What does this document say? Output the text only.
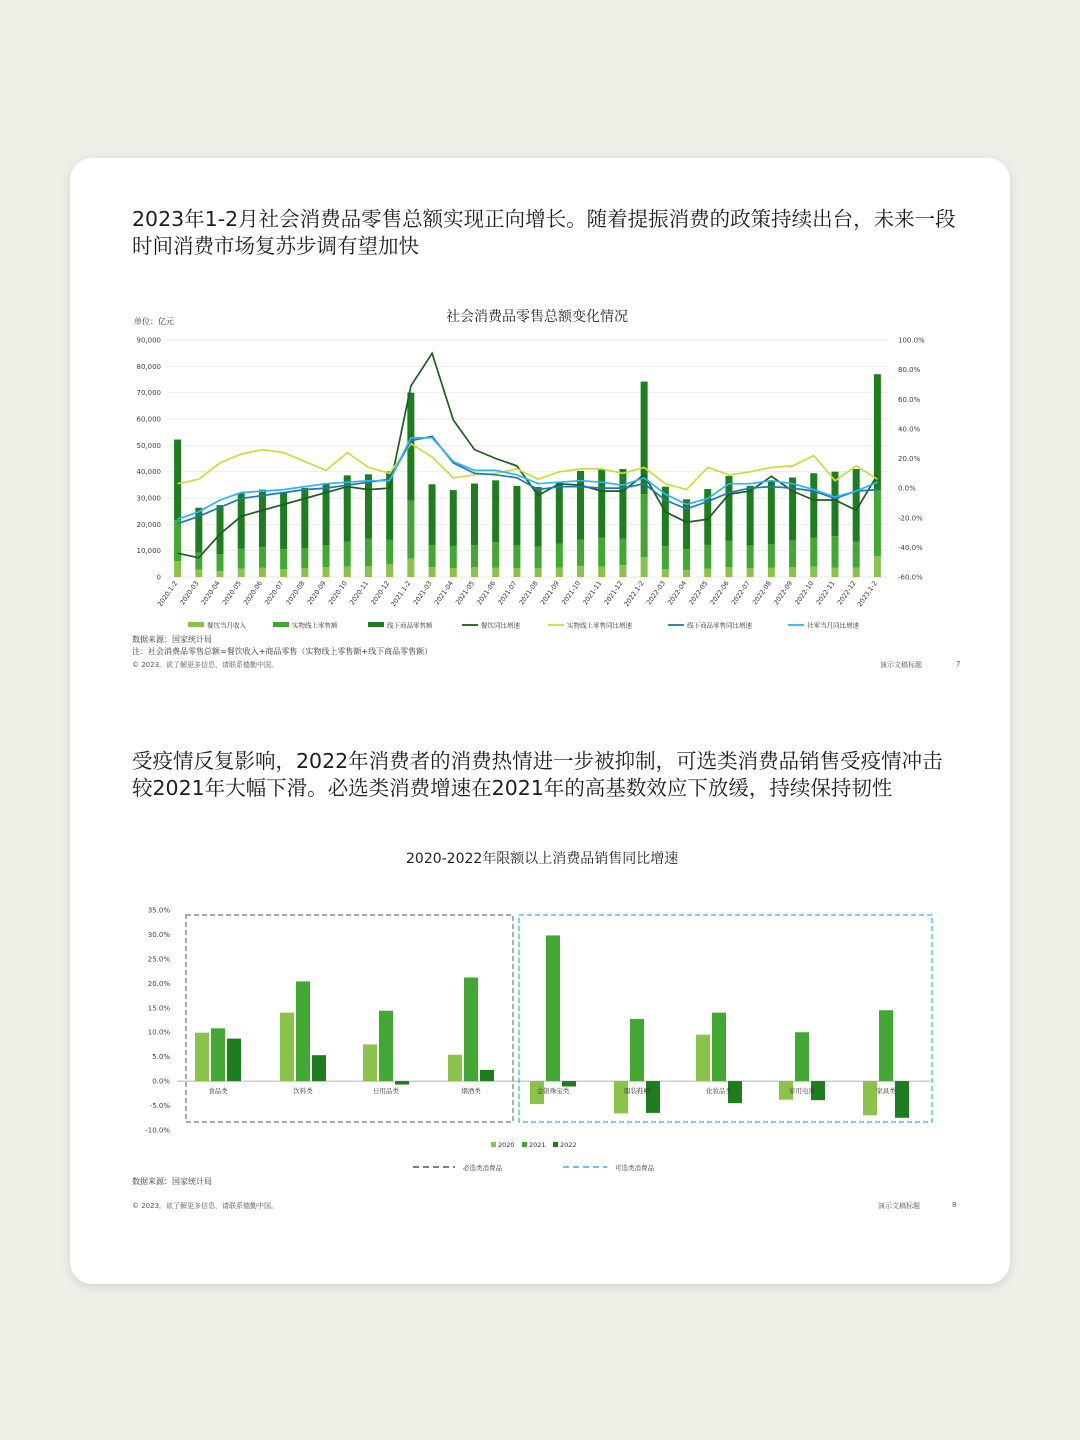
2023年1-2月社会消费品零售总额实现正向增长。随着提振消费的政策持续出台，未来一段时间消费市场复苏步调有望加快
社会消费品零售总额变化情况
单位：亿元
数据来源：国家统计局
注：社会消费品零售总额=餐饮收入+商品零售（实物线上零售额+线下商品零售额）
© 2023。欲了解更多信息，请联系德勤中国。	演示文稿标题	7
受疫情反复影响，2022年消费者的消费热情进一步被抑制，可选类消费品销售受疫情冲击较2021年大幅下滑。必选类消费增速在2021年的高基数效应下放缓，持续保持韧性
2020-2022年限额以上消费品销售同比增速
数据来源：国家统计局
© 2023。欲了解更多信息，请联系德勤中国。	演示文稿标题	8
0
10,000
20,000
30,000
40,000
50,000
60,000
70,000
80,000
90,000
-60.0%
-40.0%
-20.0%
0.0%
20.0%
40.0%
60.0%
80.0%
100.0%
2020.1-2 2020-03 2020-04 2020-05 2020-06 2020-07 2020-08 2020-09 2020-10 2020-11 2020-12
2021.1-2 2021-03 2021-04 2021-05 2021-06 2021-07 2021-08 2021-09 2021-10 2021-11 2021-12
2022.1-2 2022-03 2022-04 2022-05 2022-06 2022-07 2022-08 2022-09 2022-10 2022-11 2022-12
2023.1-2
餐饮当月收入	实物线上零售额	线下商品零售额	餐饮同比增速	实物线上零售同比增速	线下商品零售同比增速	社零当月同比增速
-10.0%
-5.0%
0.0%
5.0%
10.0%
15.0%
20.0%
25.0%
30.0%
35.0%
食品类	饮料类	日用品类	烟酒类	金银珠宝类	服装鞋帽	化妆品类	家用电器	家具类
2020 2021 2022
必选类消费品	可选类消费品
